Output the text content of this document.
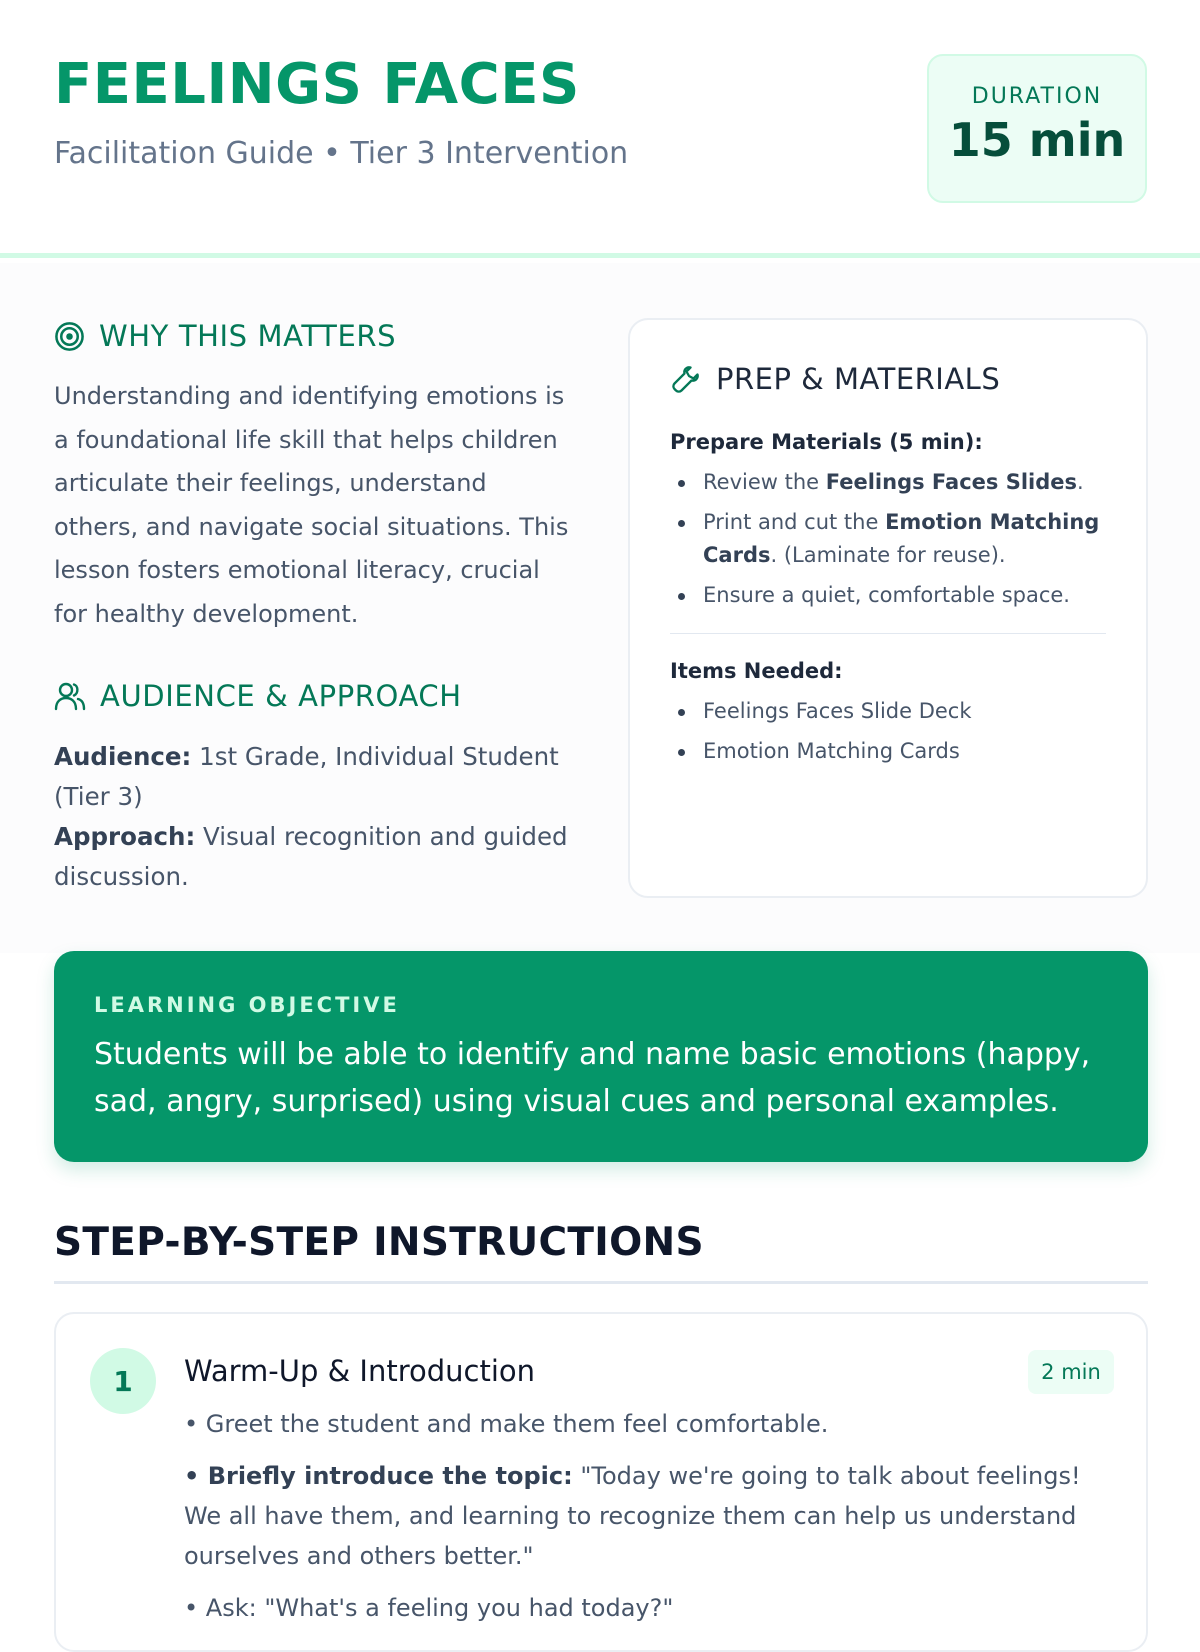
FEELINGS FACES
Facilitation Guide • Tier 3 Intervention
DURATION
15 min
WHY THIS MATTERS

Understanding and identifying emotions is a foundational life skill that helps children articulate their feelings, understand others, and navigate social situations. This lesson fosters emotional literacy, crucial for healthy development.

AUDIENCE & APPROACH
Audience: 1st Grade, Individual Student (Tier 3)
Approach: Visual recognition and guided discussion.
PREP & MATERIALS
Prepare Materials (5 min):
Review the Feelings Faces Slides.
Print and cut the Emotion Matching Cards. (Laminate for reuse).
Ensure a quiet, comfortable space.
Items Needed:
Feelings Faces Slide Deck
Emotion Matching Cards
LEARNING OBJECTIVE
Students will be able to identify and name basic emotions (happy, sad, angry, surprised) using visual cues and personal examples.
STEP-BY-STEP INSTRUCTIONS
1	Warm-Up & Introduction	2 min

• Greet the student and make them feel comfortable.

• Briefly introduce the topic: "Today we're going to talk about feelings! We all have them, and learning to recognize them can help us understand ourselves and others better."

• Ask: "What's a feeling you had today?"
